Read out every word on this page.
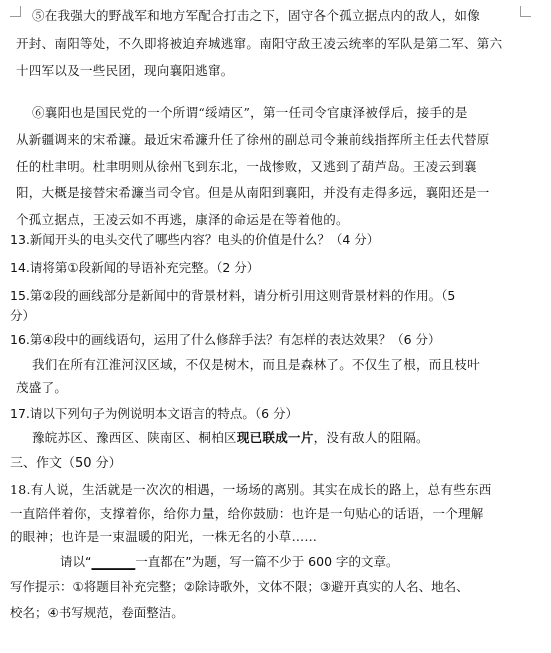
⑤在我强大的野战军和地方军配合打击之下，固守各个孤立据点内的敌人，如像
开封、南阳等处，不久即将被迫弃城逃窜。南阳守敌王凌云统率的军队是第二军、第六
十四军以及一些民团，现向襄阳逃窜。
⑥襄阳也是国民党的一个所谓“绥靖区”，第一任司令官康泽被俘后，接手的是
从新疆调来的宋希濂。最近宋希濂升任了徐州的副总司令兼前线指挥所主任去代替原
任的杜聿明。杜聿明则从徐州飞到东北，一战惨败，又逃到了葫芦岛。王凌云到襄
阳，大概是接替宋希濂当司令官。但是从南阳到襄阳，并没有走得多远，襄阳还是一
个孤立据点，王凌云如不再逃，康泽的命运是在等着他的。
13.新闻开头的电头交代了哪些内容？电头的价值是什么？（4 分）
14.请将第①段新闻的导语补充完整。（2 分）
15.第②段的画线部分是新闻中的背景材料，请分析引用这则背景材料的作用。（5
分）
16.第④段中的画线语句，运用了什么修辞手法？有怎样的表达效果？（6 分）
我们在所有江淮河汉区域，不仅是树木，而且是森林了。不仅生了根，而且枝叶
茂盛了。
17.请以下列句子为例说明本文语言的特点。（6 分）
豫皖苏区、豫西区、陕南区、桐柏区现已联成一片，没有敌人的阻隔。
三、作文（50 分）
18.有人说，生活就是一次次的相遇，一场场的离别。其实在成长的路上，总有些东西
一直陪伴着你，支撑着你，给你力量，给你鼓励：也许是一句贴心的话语，一个理解
的眼神；也许是一束温暖的阳光，一株无名的小草……
请以“_______一直都在”为题，写一篇不少于 600 字的文章。
写作提示：①将题目补充完整；②除诗歌外，文体不限；③避开真实的人名、地名、
校名；④书写规范，卷面整洁。
